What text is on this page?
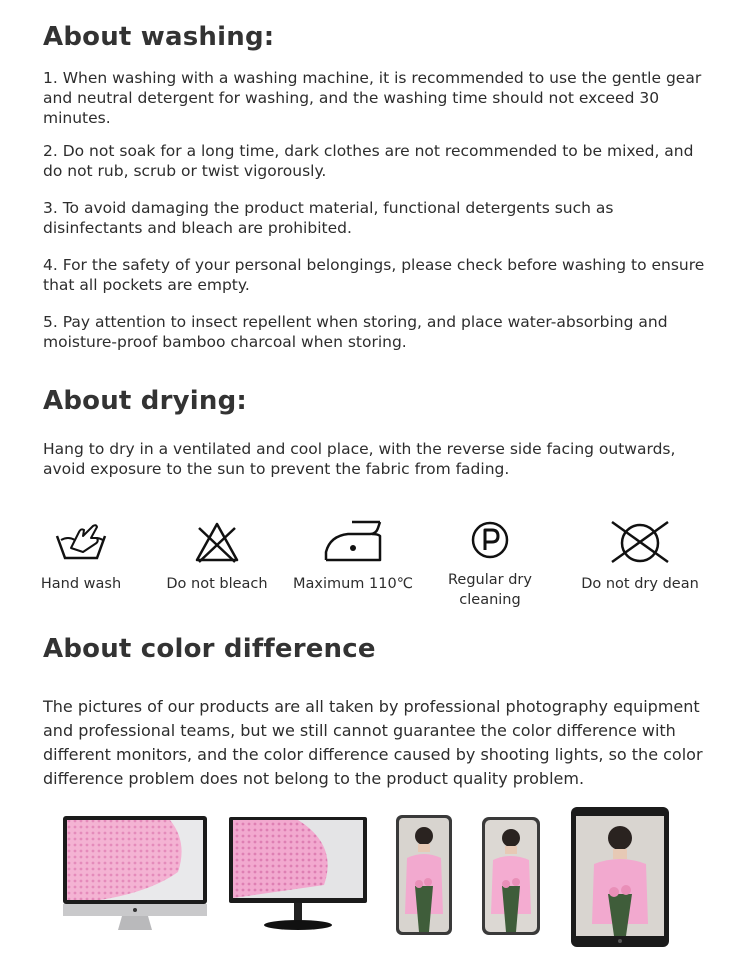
About washing:

1. When washing with a washing machine, it is recommended to use the gentle gear and neutral detergent for washing, and the washing time should not exceed 30 minutes.

2. Do not soak for a long time, dark clothes are not recommended to be mixed, and do not rub, scrub or twist vigorously.

3. To avoid damaging the product material, functional detergents such as disinfectants and bleach are prohibited.

4. For the safety of your personal belongings, please check before washing to ensure that all pockets are empty.

5. Pay attention to insect repellent when storing, and place water-absorbing and moisture-proof bamboo charcoal when storing.

About drying:

Hang to dry in a ventilated and cool place, with the reverse side facing outwards, avoid exposure to the sun to prevent the fabric from fading.

Hand wash	Do not bleach	Maximum 110℃	Regular dry cleaning
Do not dry dean
About color difference

The pictures of our products are all taken by professional photography equipment and professional teams, but we still cannot guarantee the color difference with different monitors, and the color difference caused by shooting lights, so the color difference problem does not belong to the product quality problem.
